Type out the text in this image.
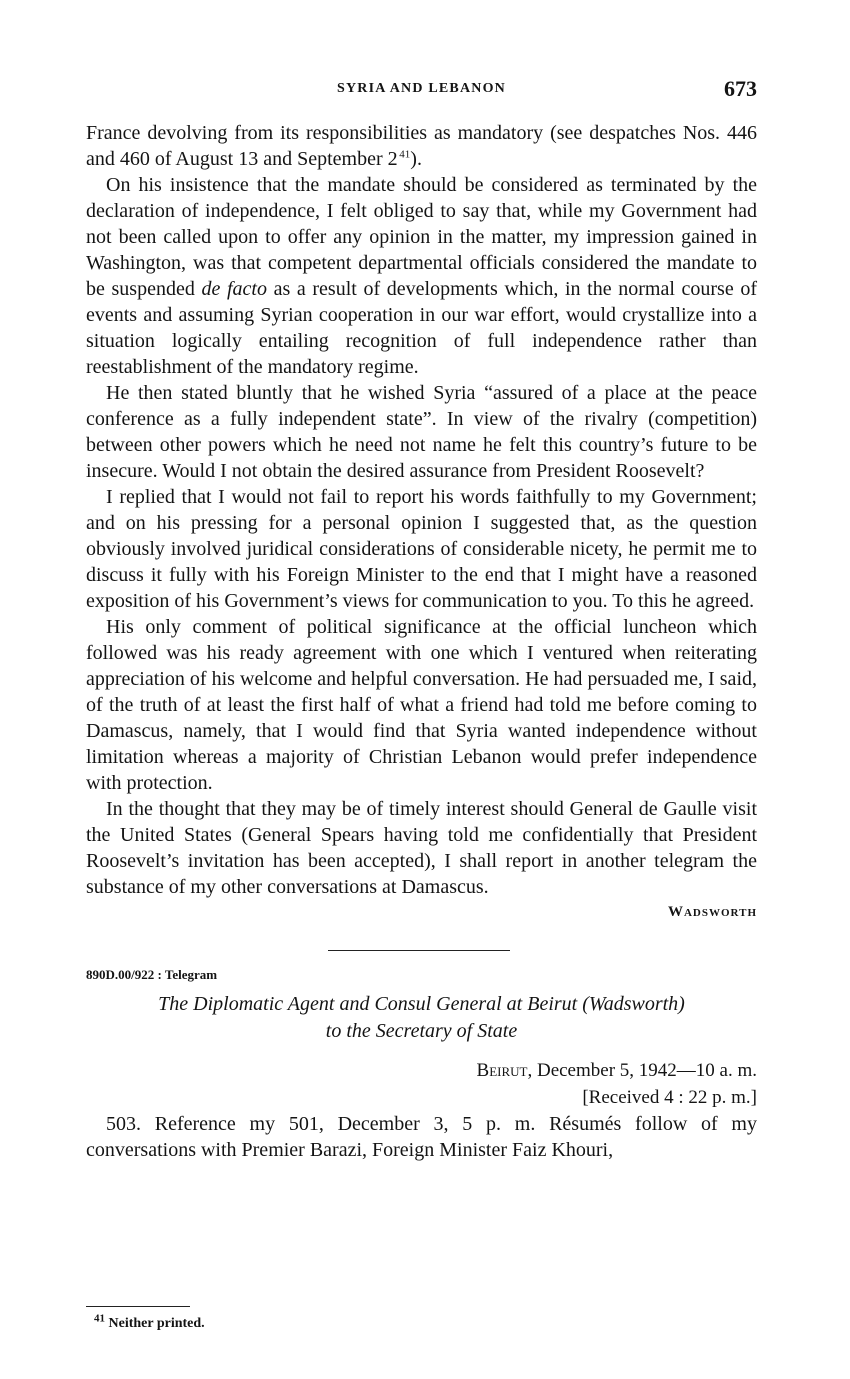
SYRIA AND LEBANON	673

France devolving from its responsibilities as mandatory (see despatches Nos. 446 and 460 of August 13 and September 2  $^{41}$).

On his insistence that the mandate should be considered as terminated by the declaration of independence, I felt obliged to say that, while my Government had not been called upon to offer any opinion in the matter, my impression gained in Washington, was that competent departmental officials considered the mandate to be suspended de facto as a result of developments which, in the normal course of events and assuming Syrian cooperation in our war effort, would crystallize into a situation logically entailing recognition of full independence rather than reestablishment of the mandatory regime.

He then stated bluntly that he wished Syria “assured of a place at the peace conference as a fully independent state”. In view of the rivalry (competition) between other powers which he need not name he felt this country’s future to be insecure. Would I not obtain the desired assurance from President Roosevelt?

I replied that I would not fail to report his words faithfully to my Government; and on his pressing for a personal opinion I suggested that, as the question obviously involved juridical considerations of considerable nicety, he permit me to discuss it fully with his Foreign Minister to the end that I might have a reasoned exposition of his Government’s views for communication to you. To this he agreed.

His only comment of political significance at the official luncheon which followed was his ready agreement with one which I ventured when reiterating appreciation of his welcome and helpful conversation. He had persuaded me, I said, of the truth of at least the first half of what a friend had told me before coming to Damascus, namely, that I would find that Syria wanted independence without limitation whereas a majority of Christian Lebanon would prefer independence with protection.

In the thought that they may be of timely interest should General de Gaulle visit the United States (General Spears having told me confidentially that President Roosevelt’s invitation has been accepted), I shall report in another telegram the substance of my other conversations at Damascus.

Wadsworth
890D.00/922 : Telegram
The Diplomatic Agent and Consul General at Beirut (Wadsworth)
to the Secretary of State
Beirut, December 5, 1942—10 a. m.
[Received 4 : 22 p. m.]

503. Reference my 501, December 3, 5 p. m. Résumés follow of my conversations with Premier Barazi, Foreign Minister Faiz Khouri,

$^{41}$ Neither printed.
